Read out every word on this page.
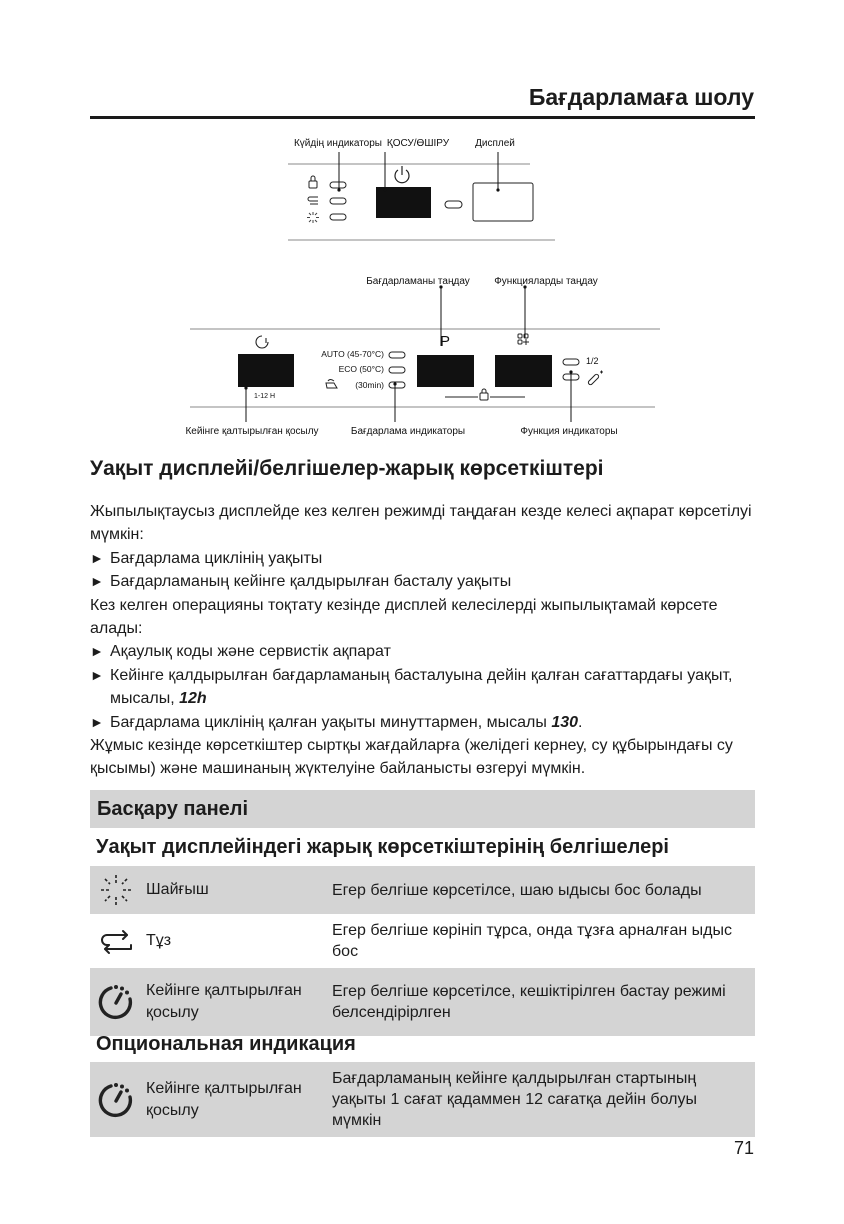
Бағдарламаға шолу
Күйдің индикаторы ҚОСУ/ӨШІРУ	Дисплей
1-12 H
AUTO (45-70°C)
ECO (50°C)
(30min)
P
1/2
Бағдарламаны таңдау Функцияларды таңдау
Кейінге қалтырылған қосылу	Бағдарлама индикаторы	Функция индикаторы
Уақыт дисплейі/белгішелер-жарық көрсеткіштері

Жыпылықтаусыз дисплейде кез келген режимді таңдаған кезде келесі ақпарат көрсетілуі мүмкін:

► Бағдарлама циклінің уақыты

► Бағдарламаның кейінге қалдырылған басталу уақыты

Кез келген операцияны тоқтату кезінде дисплей келесілерді жыпылықтамай көрсете алады:

► Ақаулық коды және сервистік ақпарат

► Кейінге қалдырылған бағдарламаның басталуына дейін қалған сағаттардағы уақыт, мысалы, 12h

► Бағдарлама циклінің қалған уақыты минуттармен, мысалы 130.

Жұмыс кезінде көрсеткіштер сыртқы жағдайларға (желідегі кернеу, су құбырындағы су қысымы) және машинаның жүктелуіне байланысты өзгеруі мүмкін.

Басқару панелі
Уақыт дисплейіндегі жарық көрсеткіштерінің белгішелері
Шайғыш	Егер белгіше көрсетілсе, шаю ыдысы бос болады

Тұз	Егер белгіше көрініп тұрса, онда тұзға арналған ыдыс бос

Кейінге қалтырылған қосылу	Егер белгіше көрсетілсе, кешіктірілген бастау режимі белсендірірлген
Опциональная индикация
Кейінге қалтырылған қосылу
	Бағдарламаның кейінге қалдырылған стартының уақыты 1 сағат қадаммен 12 сағатқа дейін болуы мүмкін
71
